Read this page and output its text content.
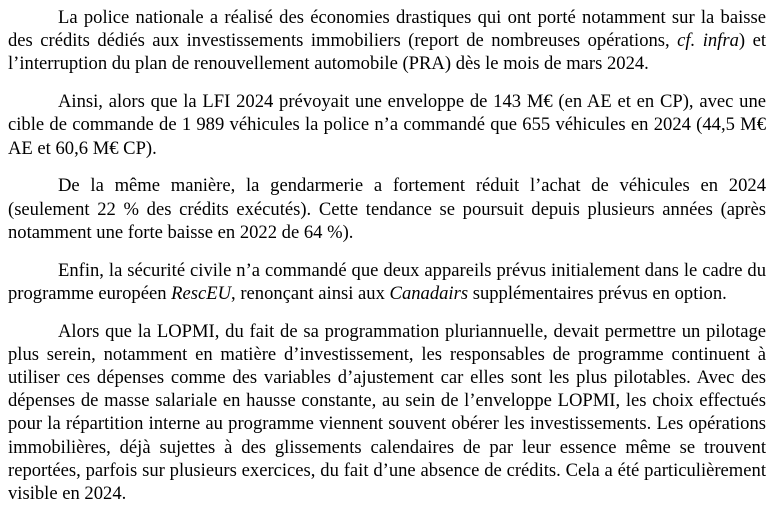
La police nationale a réalisé des économies drastiques qui ont porté notamment sur la baisse des crédits dédiés aux investissements immobiliers (report de nombreuses opérations, cf. infra) et l’interruption du plan de renouvellement automobile (PRA) dès le mois de mars 2024.

Ainsi, alors que la LFI 2024 prévoyait une enveloppe de 143 M€ (en AE et en CP), avec une cible de commande de 1 989 véhicules la police n’a commandé que 655 véhicules en 2024 (44,5 M€ AE et 60,6 M€ CP).

De la même manière, la gendarmerie a fortement réduit l’achat de véhicules en 2024 (seulement 22 % des crédits exécutés). Cette tendance se poursuit depuis plusieurs années (après notamment une forte baisse en 2022 de 64 %).

Enfin, la sécurité civile n’a commandé que deux appareils prévus initialement dans le cadre du programme européen RescEU, renonçant ainsi aux Canadairs supplémentaires prévus en option.

Alors que la LOPMI, du fait de sa programmation pluriannuelle, devait permettre un pilotage plus serein, notamment en matière d’investissement, les responsables de programme continuent à utiliser ces dépenses comme des variables d’ajustement car elles sont les plus pilotables. Avec des dépenses de masse salariale en hausse constante, au sein de l’enveloppe LOPMI, les choix effectués pour la répartition interne au programme viennent souvent obérer les investissements. Les opérations immobilières, déjà sujettes à des glissements calendaires de par leur essence même se trouvent reportées, parfois sur plusieurs exercices, du fait d’une absence de crédits. Cela a été particulièrement visible en 2024.
